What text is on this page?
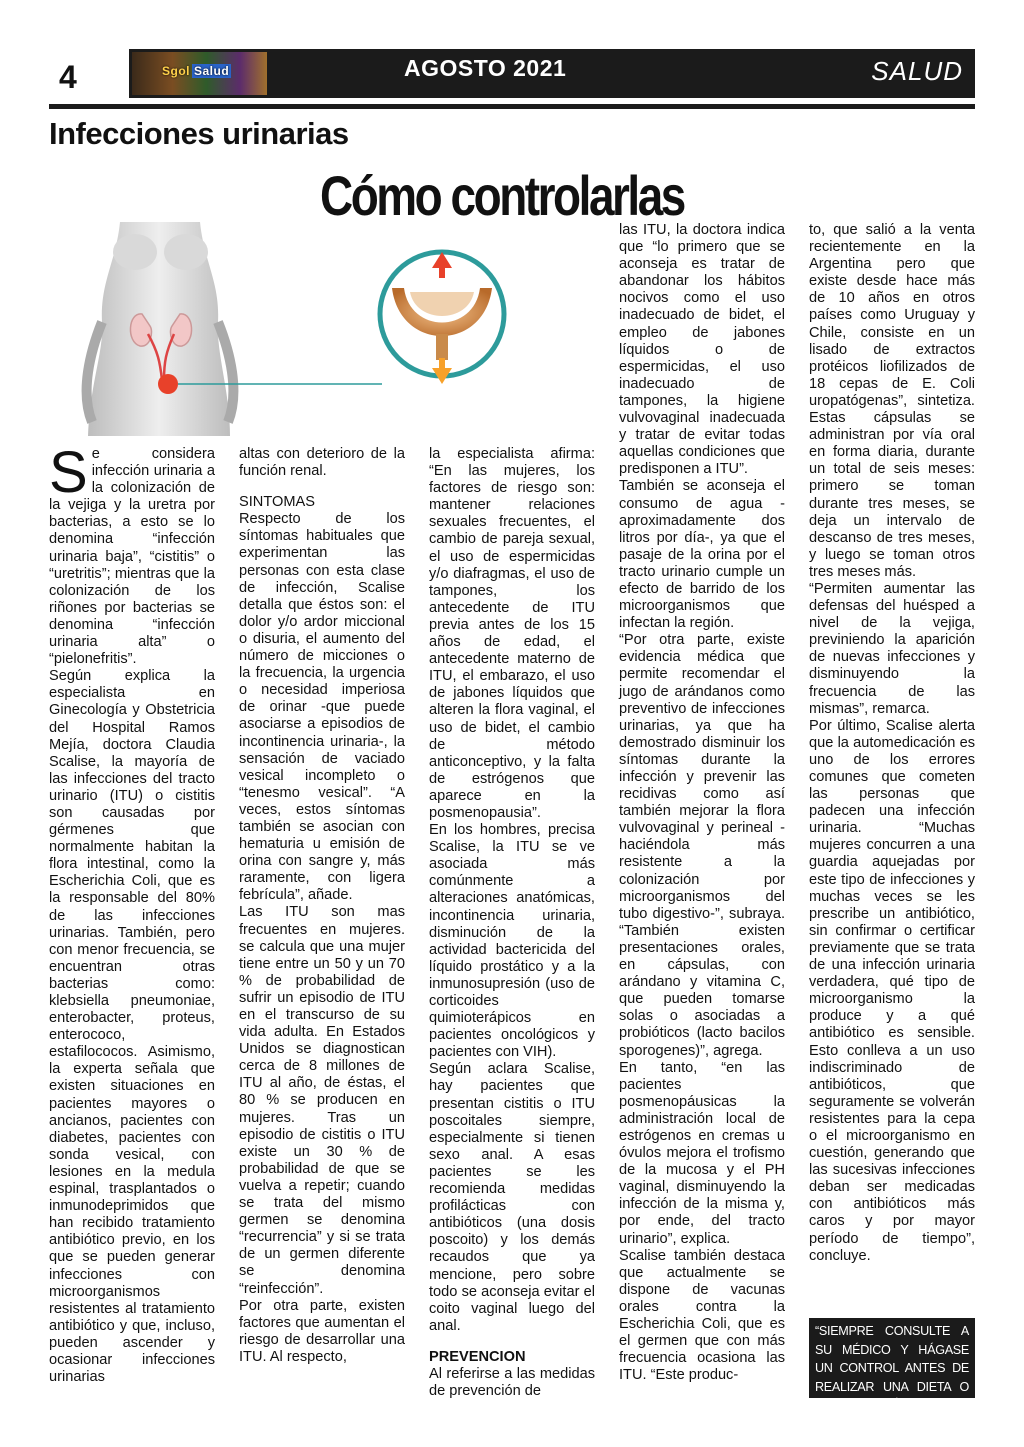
4	Sgol Salud	AGOSTO 2021	SALUD
Infecciones urinarias
Cómo controlarlas

Se considera infección urinaria a la colonización de la vejiga y la uretra por bacterias, a esto se lo denomina “infección urinaria baja”, “cistitis” o “uretritis”; mientras que la colonización de los riñones por bacterias se denomina “infección urinaria alta” o “pielonefritis”.

Según explica la especialista en Ginecología y Obstetricia del Hospital Ramos Mejía, doctora Claudia Scalise, la mayoría de las infecciones del tracto urinario (ITU) o cistitis son causadas por gérmenes que normalmente habitan la flora intestinal, como la Escherichia Coli, que es la responsable del 80% de las infecciones urinarias. También, pero con menor frecuencia, se encuentran otras bacterias como: klebsiella pneumoniae, enterobacter, proteus, enterococo, estafilococos. Asimismo, la experta señala que existen situaciones en pacientes mayores o ancianos, pacientes con diabetes, pacientes con sonda vesical, con lesiones en la medula espinal, trasplantados o inmunodeprimidos que han recibido tratamiento antibiótico previo, en los que se pueden generar infecciones con microorganismos resistentes al tratamiento antibiótico y que, incluso, pueden ascender y ocasionar infecciones urinarias

altas con deterioro de la función renal.

SINTOMAS

Respecto de los síntomas habituales que experimentan las personas con esta clase de infección, Scalise detalla que éstos son: el dolor y/o ardor miccional o disuria, el aumento del número de micciones o la frecuencia, la urgencia o necesidad imperiosa de orinar -que puede asociarse a episodios de incontinencia urinaria-, la sensación de vaciado vesical incompleto o “tenesmo vesical”. “A veces, estos síntomas también se asocian con hematuria u emisión de orina con sangre y, más raramente, con ligera febrícula”, añade.

Las ITU son mas frecuentes en mujeres. se calcula que una mujer tiene entre un 50 y un 70 % de probabilidad de sufrir un episodio de ITU en el transcurso de su vida adulta. En Estados Unidos se diagnostican cerca de 8 millones de ITU al año, de éstas, el 80 % se producen en mujeres. Tras un episodio de cistitis o ITU existe un 30 % de probabilidad de que se vuelva a repetir; cuando se trata del mismo germen se denomina “recurrencia” y si se trata de un germen diferente se denomina “reinfección”.

Por otra parte, existen factores que aumentan el riesgo de desarrollar una ITU. Al respecto,

la especialista afirma: “En las mujeres, los factores de riesgo son: mantener relaciones sexuales frecuentes, el cambio de pareja sexual, el uso de espermicidas y/o diafragmas, el uso de tampones, los antecedente de ITU previa antes de los 15 años de edad, el antecedente materno de ITU, el embarazo, el uso de jabones líquidos que alteren la flora vaginal, el uso de bidet, el cambio de método anticonceptivo, y la falta de estrógenos que aparece en la posmenopausia”.

En los hombres, precisa Scalise, la ITU se ve asociada más comúnmente a alteraciones anatómicas, incontinencia urinaria, disminución de la actividad bactericida del líquido prostático y a la inmunosupresión (uso de corticoides quimioterápicos en pacientes oncológicos y pacientes con VIH).

Según aclara Scalise, hay pacientes que presentan cistitis o ITU poscoitales siempre, especialmente si tienen sexo anal. A esas pacientes se les recomienda medidas profilácticas con antibióticos (una dosis poscoito) y los demás recaudos que ya mencione, pero sobre todo se aconseja evitar el coito vaginal luego del anal.

PREVENCION

Al referirse a las medidas de prevención de

las ITU, la doctora indica que “lo primero que se aconseja es tratar de abandonar los hábitos nocivos como el uso inadecuado de bidet, el empleo de jabones líquidos o de espermicidas, el uso inadecuado de tampones, la higiene vulvovaginal inadecuada y tratar de evitar todas aquellas condiciones que predisponen a ITU”.

También se aconseja el consumo de agua -aproximadamente dos litros por día-, ya que el pasaje de la orina por el tracto urinario cumple un efecto de barrido de los microorganismos que infectan la región.

“Por otra parte, existe evidencia médica que permite recomendar el jugo de arándanos como preventivo de infecciones urinarias, ya que ha demostrado disminuir los síntomas durante la infección y prevenir las recidivas como así también mejorar la flora vulvovaginal y perineal -haciéndola más resistente a la colonización por microorganismos del tubo digestivo-”, subraya. “También existen presentaciones orales, en cápsulas, con arándano y vitamina C, que pueden tomarse solas o asociadas a probióticos (lacto bacilos sporogenes)”, agrega.

En tanto, “en las pacientes posmenopáusicas la administración local de estrógenos en cremas u óvulos mejora el trofismo de la mucosa y el PH vaginal, disminuyendo la infección de la misma y, por ende, del tracto urinario”, explica.

Scalise también destaca que actualmente se dispone de vacunas orales contra la Escherichia Coli, que es el germen que con más frecuencia ocasiona las ITU. “Este produc-

to, que salió a la venta recientemente en la Argentina pero que existe desde hace más de 10 años en otros países como Uruguay y Chile, consiste en un lisado de extractos protéicos liofilizados de 18 cepas de E. Coli uropatógenas”, sintetiza. Estas cápsulas se administran por vía oral en forma diaria, durante un total de seis meses: primero se toman durante tres meses, se deja un intervalo de descanso de tres meses, y luego se toman otros tres meses más.

“Permiten aumentar las defensas del huésped a nivel de la vejiga, previniendo la aparición de nuevas infecciones y disminuyendo la frecuencia de las mismas”, remarca.

Por último, Scalise alerta que la automedicación es uno de los errores comunes que cometen las personas que padecen una infección urinaria. “Muchas mujeres concurren a una guardia aquejadas por este tipo de infecciones y muchas veces se les prescribe un antibiótico, sin confirmar o certificar previamente que se trata de una infección urinaria verdadera, qué tipo de microorganismo la produce y a qué antibiótico es sensible. Esto conlleva a un uso indiscriminado de antibióticos, que seguramente se volverán resistentes para la cepa o el microorganismo en cuestión, generando que las sucesivas infecciones deban ser medicadas con antibióticos más caros y por mayor período de tiempo”, concluye.

“SIEMPRE CONSULTE A SU MÉDICO Y HÁGASE UN CONTROL ANTES DE REALIZAR UNA DIETA O ACTIVADAD FÍSICA”
